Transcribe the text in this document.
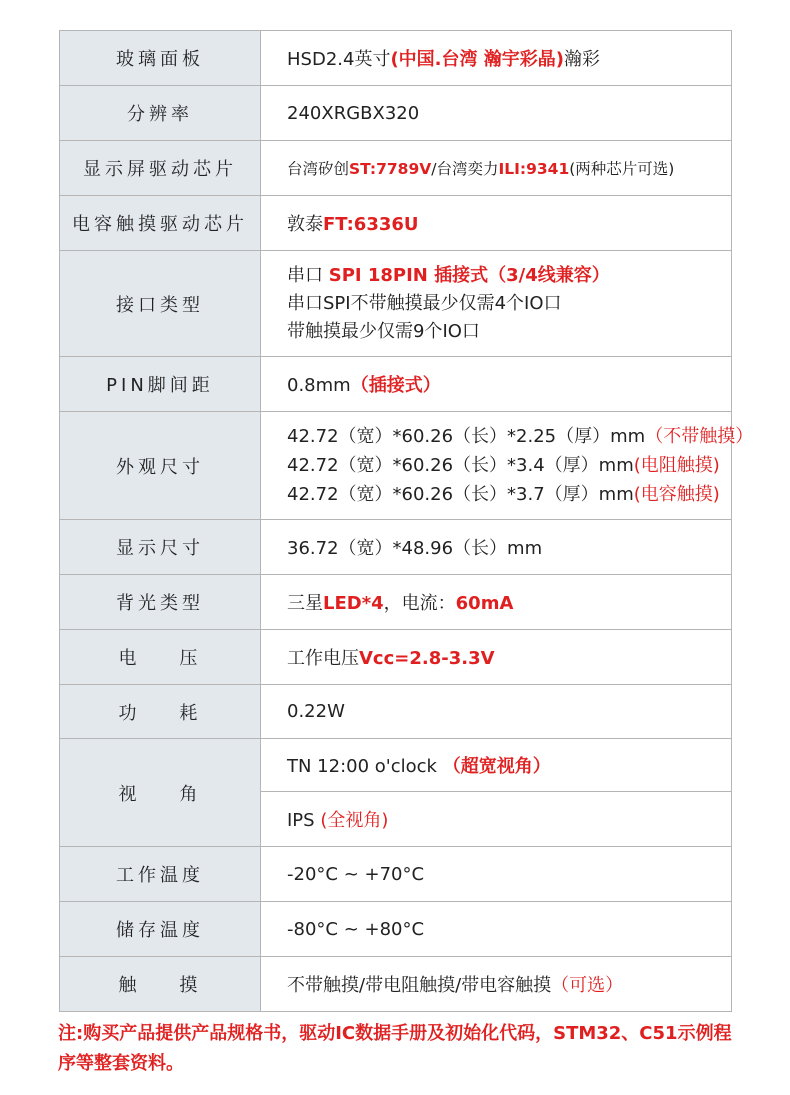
玻璃面板	HSD2.4英寸(中国.台湾 瀚宇彩晶)瀚彩
分辨率	240XRGBX320
显示屏驱动芯片	台湾矽创ST:7789V/台湾奕力ILI:9341(两种芯片可选)
电容触摸驱动芯片	敦泰FT:6336U
接口类型	串口 SPI 18PIN 插接式（3/4线兼容）
串口SPI不带触摸最少仅需4个IO口
带触摸最少仅需9个IO口

PIN脚间距	0.8mm（插接式）
外观尺寸	42.72（宽）*60.26（长）*2.25（厚）mm（不带触摸）
42.72（宽）*60.26（长）*3.4（厚）mm(电阻触摸)
42.72（宽）*60.26（长）*3.7（厚）mm(电容触摸)

显示尺寸	36.72（宽）*48.96（长）mm
背光类型	三星LED*4，电流：60mA
电    压	工作电压Vcc=2.8-3.3V
功    耗	0.22W
视    角	TN 12:00 o'clock （超宽视角）
	IPS (全视角)
工作温度	-20°C ~ +70°C
储存温度	-80°C ~ +80°C
触    摸	不带触摸/带电阻触摸/带电容触摸（可选）
注:购买产品提供产品规格书，驱动IC数据手册及初始化代码，STM32、C51示例程序等整套资料。
